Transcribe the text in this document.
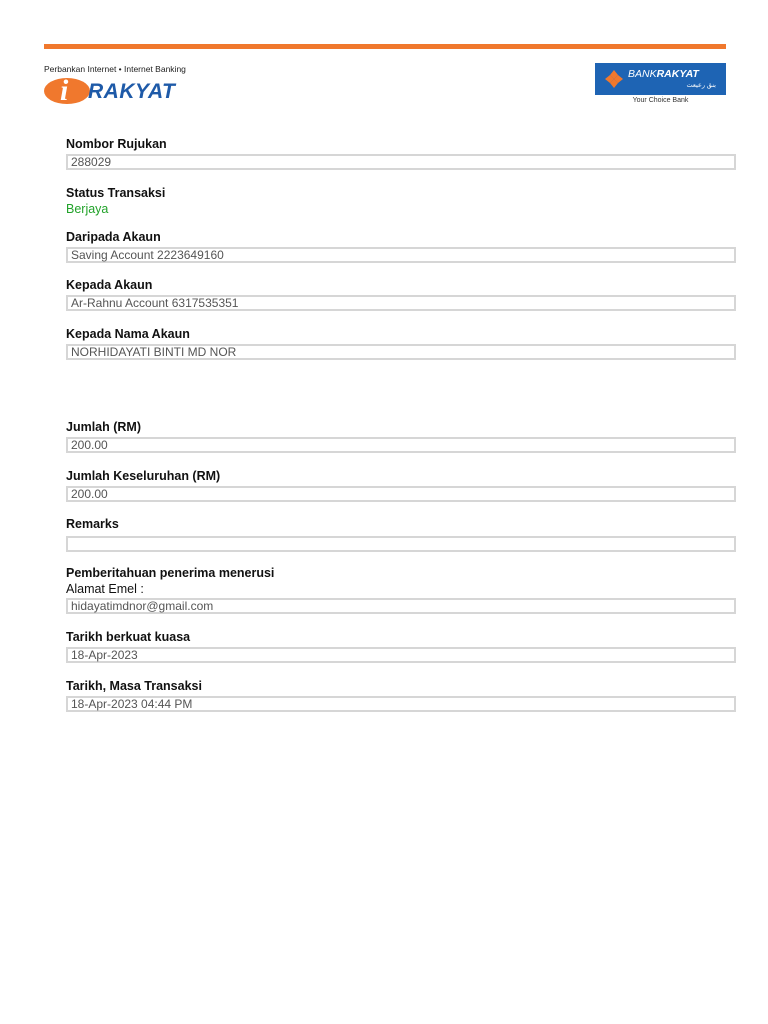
Perbankan Internet • Internet Banking
i RAKYAT
BANKRAKYAT
بنق رعيعت
Your Choice Bank
Nombor Rujukan
288029
Status Transaksi
Berjaya
Daripada Akaun
Saving Account 2223649160
Kepada Akaun
Ar-Rahnu Account 6317535351
Kepada Nama Akaun
NORHIDAYATI BINTI MD NOR
Jumlah (RM)
200.00
Jumlah Keseluruhan (RM)
200.00
Remarks
Pemberitahuan penerima menerusi
Alamat Emel :
hidayatimdnor@gmail.com
Tarikh berkuat kuasa
18-Apr-2023
Tarikh, Masa Transaksi
18-Apr-2023 04:44 PM
